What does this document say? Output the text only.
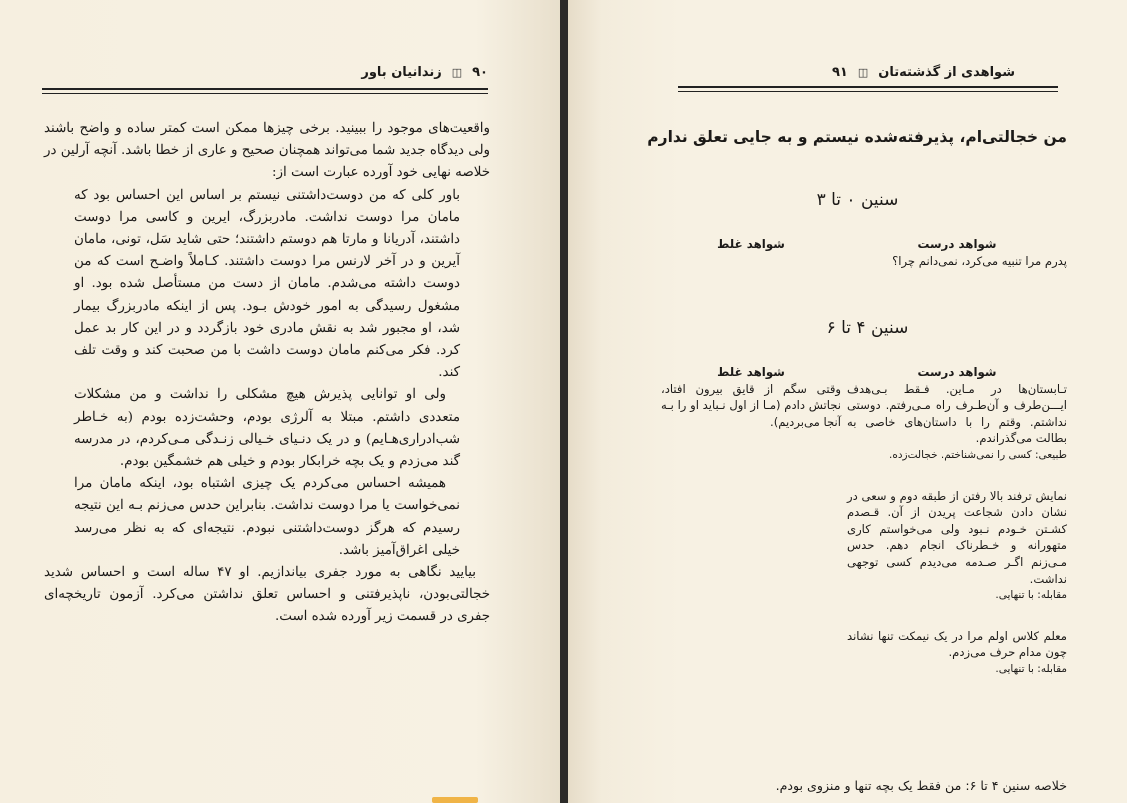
۹۰
◫
زندانیان باور

واقعیت‌های موجود را ببینید. برخی چیزها ممکن است کمتر ساده و واضح باشند ولی دیدگاه جدید شما می‌تواند همچنان صحیح و عاری از خطا باشد. آنچه آرلین در خلاصه نهایی خود آورده عبارت است از:

باور کلی که من دوست‌داشتنی نیستم بر اساس این احساس بود که مامان مرا دوست نداشت. مادربزرگ، ایرین و کاسی مرا دوست داشتند، آدریانا و مارتا هم دوستم داشتند؛ حتی شاید سَل، تونی، مامان آیرین و در آخر لارنس مرا دوست داشتند. کـاملاً واضـح است که من دوست داشته می‌شدم. مامان از دست من مستأصل شده بود. او مشغول رسیدگی به امور خودش بـود. پس از اینکه مادربزرگ بیمار شد، او مجبور شد به نقش مادری خود بازگردد و در این کار بد عمل کرد. فکر می‌کنم مامان دوست داشت با من صحبت کند و وقت تلف کند.

ولی او توانایی پذیرش هیچ مشکلی را نداشت و من مشکلات متعددی داشتم. مبتلا به آلرژی بودم، وحشت‌زده بودم (به خـاطر شب‌ادراری‌هـایم) و در یک دنـیای خـیالی زنـدگی مـی‌کردم، در مدرسه گند می‌زدم و یک بچه خرابکار بودم و خیلی هم خشمگین بودم.

همیشه احساس می‌کردم یک چیزی اشتباه بود، اینکه مامان مرا نمی‌خواست یا مرا دوست نداشت. بنابراین حدس می‌زنم بـه این نتیجه رسیدم که هرگز دوست‌داشتنی نبودم. نتیجه‌ای که به نظر می‌رسد خیلی اغراق‌آمیز باشد.

بیایید نگاهی به مورد جفری بیاندازیم. او ۴۷ ساله است و احساس شدید خجالتی‌بودن، ناپذیرفتنی و احساس تعلق نداشتن می‌کرد. آزمون تاریخچه‌ای جفری در قسمت زیر آورده شده است.

شواهدی از گذشته‌تان
◫
۹۱
من خجالتی‌ام، پذیرفته‌شده نیستم و به جایی تعلق ندارم
سنین ۰ تا ۳
شواهد درست
پدرم مرا تنبیه می‌کرد، نمی‌دانم چرا؟
شواهد غلط
سنین ۴ تا ۶
شواهد درست
تـابستان‌ها در مـاین. فـقط بـی‌هدف ایـــن‌طرف و آن‌طـرف راه مـی‌رفتم. دوستی نداشتم. وقتم را با داستان‌های خاصی به بطالت می‌گذراندم.
طبیعی: کسی را نمی‌شناختم. خجالت‌زده.
نمایش ترفند بالا رفتن از طبقه دوم و سعی در نشان دادن شجاعت پریدن از آن. قـصدم کشـتن خـودم نـبود ولی می‌خواستم کاری متهورانه و خـطرناک انجام دهم. حدس مـی‌زنم اگـر صـدمه می‌دیدم کسی توجهی نداشت.
مقابله: با تنهایی.
معلم کلاس اولم مرا در یک نیمکت تنها نشاند چون مدام حرف می‌زدم.
مقابله: با تنهایی.
شواهد غلط
وقتی سگم از قایق بیرون افتاد، نجاتش دادم (مـا از اول نـباید او را بـه آنجا می‌بردیم).
خلاصه سنین ۴ تا ۶: من فقط یک بچه تنها و منزوی بودم.
